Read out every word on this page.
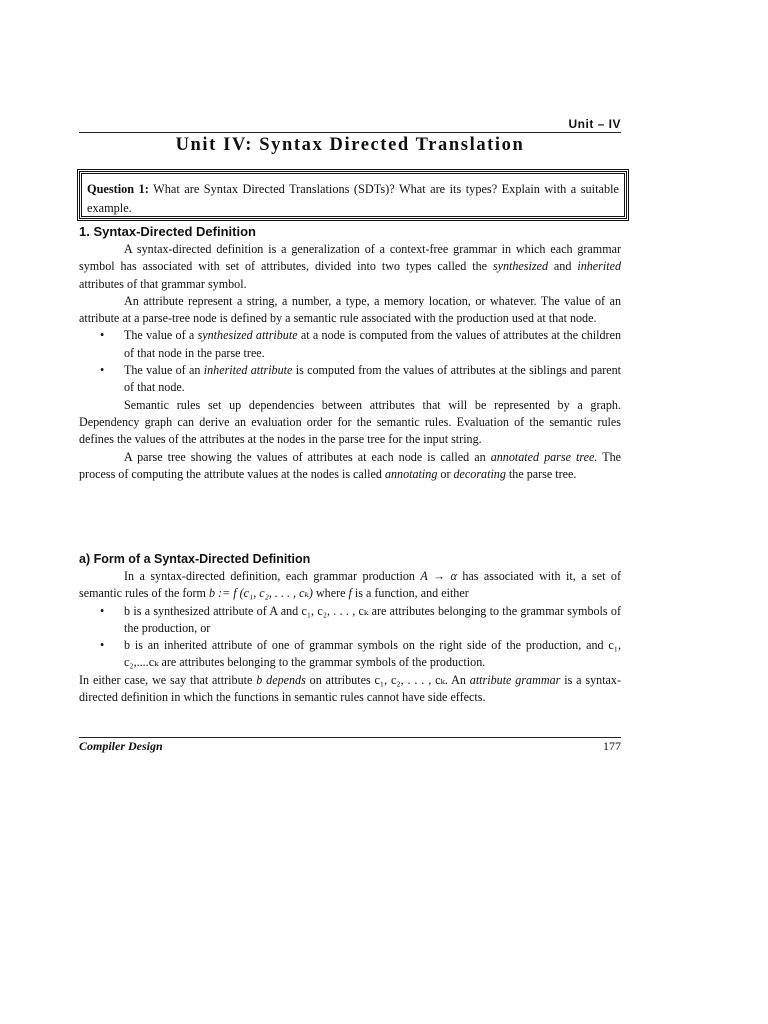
Unit – IV
Unit IV: Syntax Directed Translation

Question 1: What are Syntax Directed Translations (SDTs)? What are its types? Explain with a suitable example.

1. Syntax-Directed Definition

A syntax-directed definition is a generalization of a context-free grammar in which each grammar symbol has associated with set of attributes, divided into two types called the synthesized and inherited attributes of that grammar symbol.

An attribute represent a string, a number, a type, a memory location, or whatever. The value of an attribute at a parse-tree node is defined by a semantic rule associated with the production used at that node.

• The value of a synthesized attribute at a node is computed from the values of attributes at the children of that node in the parse tree.

• The value of an inherited attribute is computed from the values of attributes at the siblings and parent of that node.

Semantic rules set up dependencies between attributes that will be represented by a graph. Dependency graph can derive an evaluation order for the semantic rules. Evaluation of the semantic rules defines the values of the attributes at the nodes in the parse tree for the input string.

A parse tree showing the values of attributes at each node is called an annotated parse tree. The process of computing the attribute values at the nodes is called annotating or decorating the parse tree.

a) Form of a Syntax-Directed Definition

In a syntax-directed definition, each grammar production A → α has associated with it, a set of semantic rules of the form b := f (c₁, c₂, . . . , cₖ) where f is a function, and either

• b is a synthesized attribute of A and c₁, c₂, . . . , cₖ are attributes belonging to the grammar symbols of the production, or

• b is an inherited attribute of one of grammar symbols on the right side of the production, and c₁, c₂,....cₖ are attributes belonging to the grammar symbols of the production.

In either case, we say that attribute b depends on attributes c₁, c₂, . . . , cₖ. An attribute grammar is a syntax-directed definition in which the functions in semantic rules cannot have side effects.

Compiler Design	177
